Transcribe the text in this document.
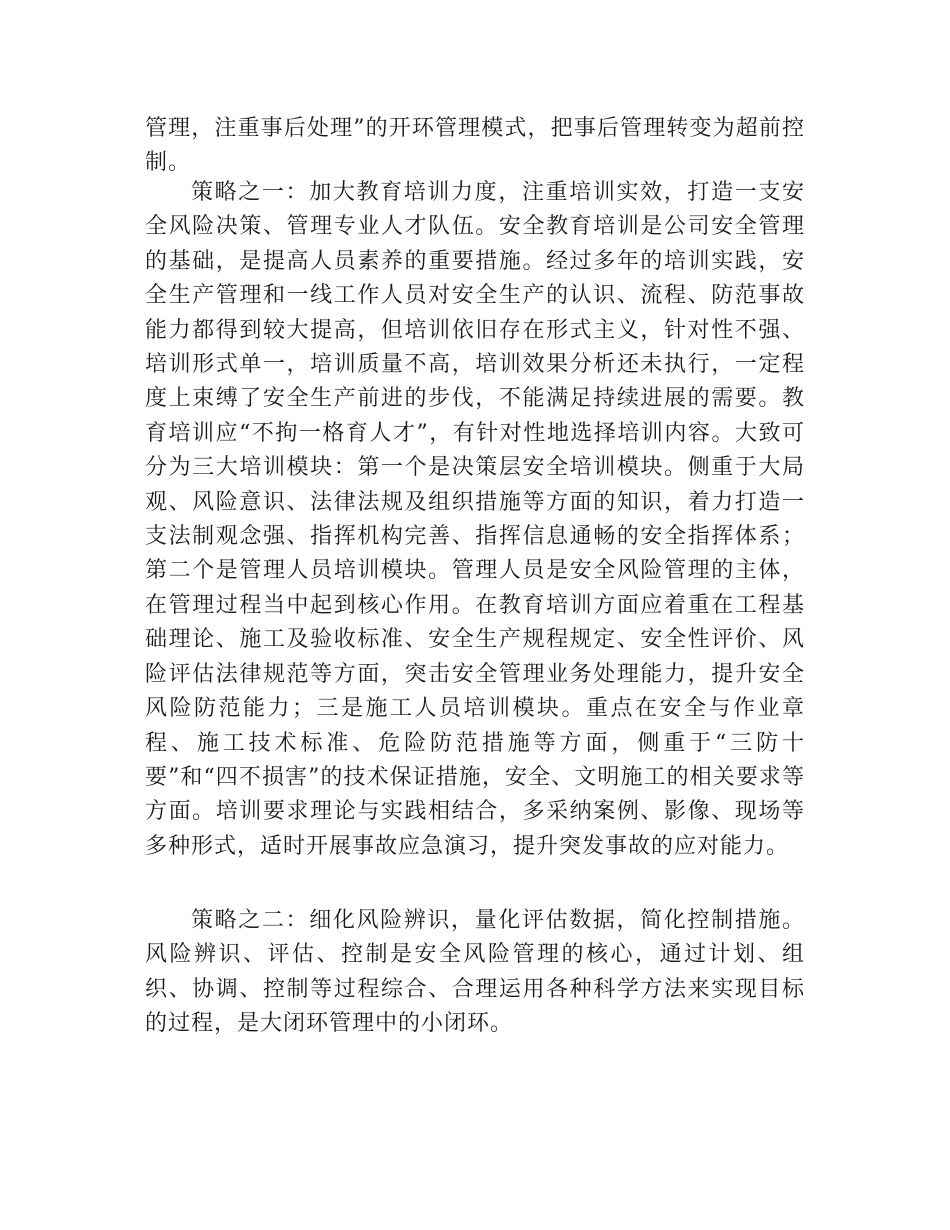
管理，注重事后处理”的开环管理模式，把事后管理转变为超前控制。

策略之一：加大教育培训力度，注重培训实效，打造一支安全风险决策、管理专业人才队伍。安全教育培训是公司安全管理的基础，是提高人员素养的重要措施。经过多年的培训实践，安全生产管理和一线工作人员对安全生产的认识、流程、防范事故能力都得到较大提高，但培训依旧存在形式主义，针对性不强、培训形式单一，培训质量不高，培训效果分析还未执行，一定程度上束缚了安全生产前进的步伐，不能满足持续进展的需要。教育培训应“不拘一格育人才”，有针对性地选择培训内容。大致可分为三大培训模块：第一个是决策层安全培训模块。侧重于大局观、风险意识、法律法规及组织措施等方面的知识，着力打造一支法制观念强、指挥机构完善、指挥信息通畅的安全指挥体系；第二个是管理人员培训模块。管理人员是安全风险管理的主体，在管理过程当中起到核心作用。在教育培训方面应着重在工程基础理论、施工及验收标准、安全生产规程规定、安全性评价、风险评估法律规范等方面，突击安全管理业务处理能力，提升安全风险防范能力；三是施工人员培训模块。重点在安全与作业章程、施工技术标准、危险防范措施等方面，侧重于“三防十要”和“四不损害”的技术保证措施，安全、文明施工的相关要求等方面。培训要求理论与实践相结合，多采纳案例、影像、现场等多种形式，适时开展事故应急演习，提升突发事故的应对能力。

策略之二：细化风险辨识，量化评估数据，简化控制措施。风险辨识、评估、控制是安全风险管理的核心，通过计划、组织、协调、控制等过程综合、合理运用各种科学方法来实现目标的过程，是大闭环管理中的小闭环。
